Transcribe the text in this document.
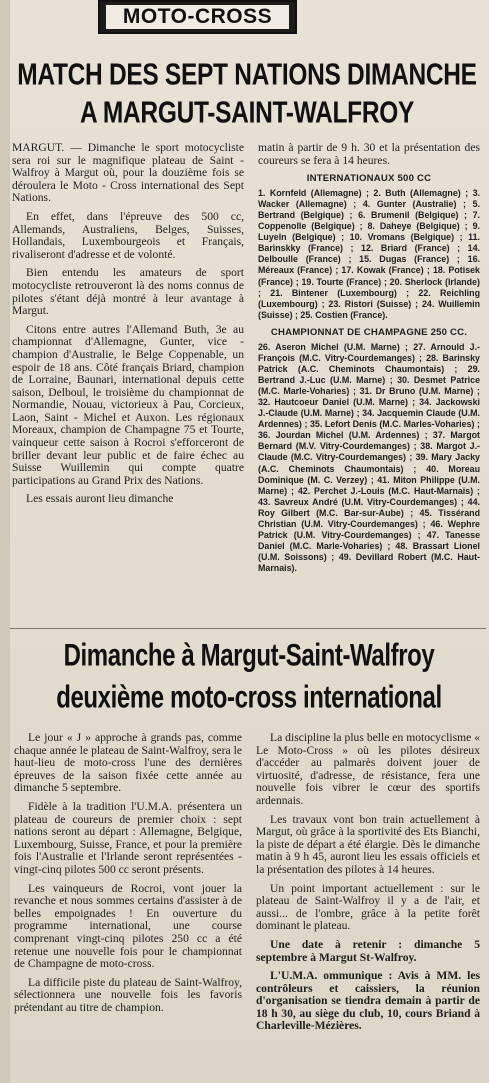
MOTO-CROSS
MATCH DES SEPT NATIONS DIMANCHE
A MARGUT-SAINT-WALFROY

MARGUT. — Dimanche le sport motocycliste sera roi sur le magnifique plateau de Saint - Walfroy à Margut où, pour la douzième fois se déroulera le Moto - Cross international des Sept Nations.

En effet, dans l'épreuve des 500 cc, Allemands, Australiens, Belges, Suisses, Hollandais, Luxembourgeois et Français, rivaliseront d'adresse et de volonté.

Bien entendu les amateurs de sport motocycliste retrouveront là des noms connus de pilotes s'étant déjà montré à leur avantage à Margut.

Citons entre autres l'Allemand Buth, 3e au championnat d'Allemagne, Gunter, vice - champion d'Australie, le Belge Coppenable, un espoir de 18 ans. Côté français Briard, champion de Lorraine, Baunari, international depuis cette saison, Delboul, le troisième du championnat de Normandie, Nouau, victorieux à Pau, Corcieux, Laon, Saint - Michel et Auxon. Les régionaux Moreaux, champion de Champagne 75 et Tourte, vainqueur cette saison à Rocroi s'efforceront de briller devant leur public et de faire échec au Suisse Wuillemin qui compte quatre participations au Grand Prix des Nations.

Les essais auront lieu dimanche

matin à partir de 9 h. 30 et la présentation des coureurs se fera à 14 heures.

INTERNATIONAUX 500 CC
1. Kornfeld (Allemagne) ; 2. Buth (Allemagne) ; 3. Wacker (Allemagne) ; 4. Gunter (Australie) ; 5. Bertrand (Belgique) ; 6. Brumenil (Belgique) ; 7. Coppenolle (Belgique) ; 8. Daheye (Belgique) ; 9. Luyeln (Belgique) ; 10. Vromans (Belgique) ; 11. Barinskky (France) ; 12. Briard (France) ; 14. Delboulle (France) ; 15. Dugas (France) ; 16. Méreaux (France) ; 17. Kowak (France) ; 18. Potisek (France) ; 19. Tourte (France) ; 20. Sherlock (Irlande) ; 21. Bintener (Luxembourg) ; 22. Reichling (Luxembourg) ; 23. Ristori (Suisse) ; 24. Wuillemin (Suisse) ; 25. Costien (France).
CHAMPIONNAT DE CHAMPAGNE 250 CC.
26. Aseron Michel (U.M. Marne) ; 27. Arnould J.-François (M.C. Vitry-Courdemanges) ; 28. Barinsky Patrick (A.C. Cheminots Chaumontais) ; 29. Bertrand J.-Luc (U.M. Marne) ; 30. Desmet Patrice (M.C. Marle-Voharies) ; 31. Dr Bruno (U.M. Marne) ; 32. Hautcoeur Daniel (U.M. Marne) ; 34. Jackowski J.-Claude (U.M. Marne) ; 34. Jacquemin Claude (U.M. Ardennes) ; 35. Lefort Denis (M.C. Marles-Voharies) ; 36. Jourdan Michel (U.M. Ardennes) ; 37. Margot Bernard (M.V. Vitry-Courdemanges) ; 38. Margot J.-Claude (M.C. Vitry-Courdemanges) ; 39. Mary Jacky (A.C. Cheminots Chaumontais) ; 40. Moreau Dominique (M. C. Verzey) ; 41. Miton Philippe (U.M. Marne) ; 42. Perchet J.-Louis (M.C. Haut-Marnais) ; 43. Savreux André (U.M. Vitry-Courdemanges) ; 44. Roy Gilbert (M.C. Bar-sur-Aube) ; 45. Tissérand Christian (U.M. Vitry-Courdemanges) ; 46. Wephre Patrick (U.M. Vitry-Courdemanges) ; 47. Tanesse Daniel (M.C. Marle-Voharies) ; 48. Brassart Lionel (U.M. Soissons) ; 49. Devillard Robert (M.C. Haut-Marnais).
Dimanche à Margut-Saint-Walfroy
deuxième moto-cross international

Le jour « J » approche à grands pas, comme chaque année le plateau de Saint-Walfroy, sera le haut-lieu de moto-cross l'une des dernières épreuves de la saison fixée cette année au dimanche 5 septembre.

Fidèle à la tradition l'U.M.A. présentera un plateau de coureurs de premier choix : sept nations seront au départ : Allemagne, Belgique, Luxembourg, Suisse, France, et pour la première fois l'Australie et l'Irlande seront représentées - vingt-cinq pilotes 500 cc seront présents.

Les vainqueurs de Rocroi, vont jouer la revanche et nous sommes certains d'assister à de belles empoignades ! En ouverture du programme international, une course comprenant vingt-cinq pilotes 250 cc a été retenue une nouvelle fois pour le championnat de Champagne de moto-cross.

La difficile piste du plateau de Saint-Walfroy, sélectionnera une nouvelle fois les favoris prétendant au titre de champion.

La discipline la plus belle en motocyclisme « Le Moto-Cross » où les pilotes désireux d'accéder au palmarès doivent jouer de virtuosité, d'adresse, de résistance, fera une nouvelle fois vibrer le cœur des sportifs ardennais.

Les travaux vont bon train actuellement à Margut, où grâce à la sportivité des Ets Bianchi, la piste de départ a été élargie. Dès le dimanche matin à 9 h 45, auront lieu les essais officiels et la présentation des pilotes à 14 heures.

Un point important actuellement : sur le plateau de Saint-Walfroy il y a de l'air, et aussi... de l'ombre, grâce à la petite forêt dominant le plateau.

Une date à retenir : dimanche 5 septembre à Margut St-Walfroy.

L'U.M.A. ommunique : Avis à MM. les contrôleurs et caissiers, la réunion d'organisation se tiendra demain à partir de 18 h 30, au siège du club, 10, cours Briand à Charleville-Mézières.
